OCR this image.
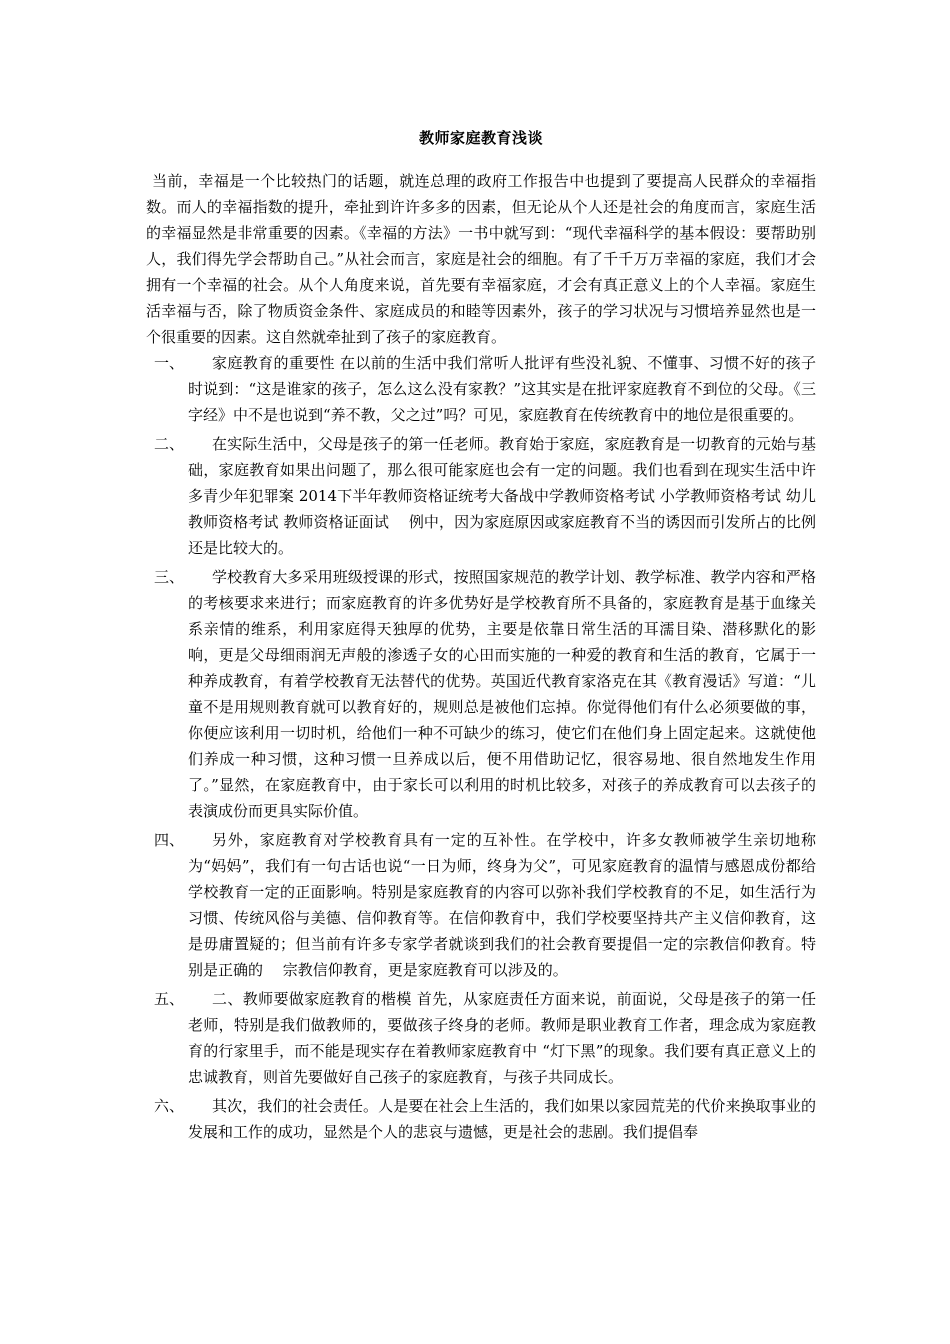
教师家庭教育浅谈

当前，幸福是一个比较热门的话题，就连总理的政府工作报告中也提到了要提高人民群众的幸福指数。而人的幸福指数的提升，牵扯到许许多多的因素，但无论从个人还是社会的角度而言，家庭生活的幸福显然是非常重要的因素。《幸福的方法》一书中就写到：“现代幸福科学的基本假设：要帮助别人，我们得先学会帮助自己。”从社会而言，家庭是社会的细胞。有了千千万万幸福的家庭，我们才会拥有一个幸福的社会。从个人角度来说，首先要有幸福家庭，才会有真正意义上的个人幸福。家庭生活幸福与否，除了物质资金条件、家庭成员的和睦等因素外，孩子的学习状况与习惯培养显然也是一个很重要的因素。这自然就牵扯到了孩子的家庭教育。

一、	家庭教育的重要性 在以前的生活中我们常听人批评有些没礼貌、不懂事、习惯不好的孩子时说到：“这是谁家的孩子，怎么这么没有家教？”这其实是在批评家庭教育不到位的父母。《三字经》中不是也说到“养不教，父之过”吗？可见，家庭教育在传统教育中的地位是很重要的。
二、	在实际生活中，父母是孩子的第一任老师。教育始于家庭，家庭教育是一切教育的元始与基础，家庭教育如果出问题了，那么很可能家庭也会有一定的问题。我们也看到在现实生活中许多青少年犯罪案 2014下半年教师资格证统考大备战中学教师资格考试 小学教师资格考试 幼儿教师资格考试 教师资格证面试　 例中，因为家庭原因或家庭教育不当的诱因而引发所占的比例还是比较大的。
三、	学校教育大多采用班级授课的形式，按照国家规范的教学计划、教学标准、教学内容和严格的考核要求来进行；而家庭教育的许多优势好是学校教育所不具备的，家庭教育是基于血缘关系亲情的维系，利用家庭得天独厚的优势，主要是依靠日常生活的耳濡目染、潜移默化的影响，更是父母细雨润无声般的渗透子女的心田而实施的一种爱的教育和生活的教育，它属于一种养成教育，有着学校教育无法替代的优势。英国近代教育家洛克在其《教育漫话》写道：“儿童不是用规则教育就可以教育好的，规则总是被他们忘掉。你觉得他们有什么必须要做的事，你便应该利用一切时机，给他们一种不可缺少的练习，使它们在他们身上固定起来。这就使他们养成一种习惯，这种习惯一旦养成以后，便不用借助记忆，很容易地、很自然地发生作用了。”显然，在家庭教育中，由于家长可以利用的时机比较多，对孩子的养成教育可以去孩子的表演成份而更具实际价值。
四、	另外，家庭教育对学校教育具有一定的互补性。在学校中，许多女教师被学生亲切地称为“妈妈”，我们有一句古话也说“一日为师，终身为父”，可见家庭教育的温情与感恩成份都给学校教育一定的正面影响。特别是家庭教育的内容可以弥补我们学校教育的不足，如生活行为习惯、传统风俗与美德、信仰教育等。在信仰教育中，我们学校要坚持共产主义信仰教育，这是毋庸置疑的；但当前有许多专家学者就谈到我们的社会教育要提倡一定的宗教信仰教育。特别是正确的　 宗教信仰教育，更是家庭教育可以涉及的。
五、	二、教师要做家庭教育的楷模 首先，从家庭责任方面来说，前面说，父母是孩子的第一任老师，特别是我们做教师的，要做孩子终身的老师。教师是职业教育工作者，理念成为家庭教育的行家里手，而不能是现实存在着教师家庭教育中 “灯下黑”的现象。我们要有真正意义上的忠诚教育，则首先要做好自己孩子的家庭教育，与孩子共同成长。
六、	其次，我们的社会责任。人是要在社会上生活的，我们如果以家园荒芜的代价来换取事业的发展和工作的成功，显然是个人的悲哀与遗憾，更是社会的悲剧。我们提倡奉
